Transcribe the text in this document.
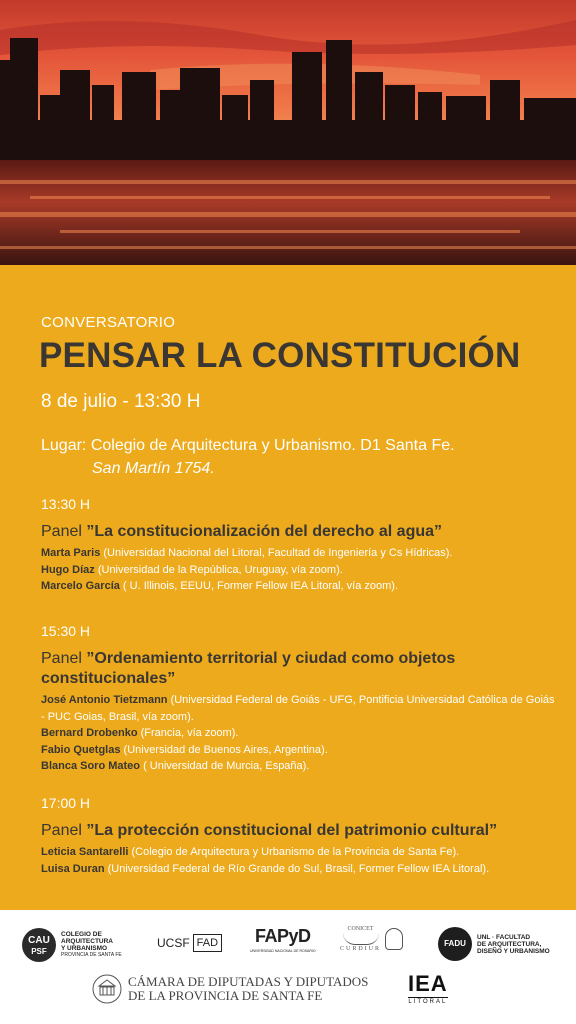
CONVERSATORIO
PENSAR LA CONSTITUCIÓN
8 de julio - 13:30 H
Lugar: Colegio de Arquitectura y Urbanismo. D1 Santa Fe.
San Martín 1754.
13:30 H
Panel ”La constitucionalización del derecho al agua”
Marta Paris (Universidad Nacional del Litoral, Facultad de Ingeniería y Cs Hídricas).
Hugo Díaz (Universidad de la República, Uruguay, vía zoom).
Marcelo García ( U. Illinois, EEUU, Former Fellow IEA Litoral, vía zoom).
15:30 H
Panel ”Ordenamiento territorial y ciudad como objetos constitucionales”
José Antonio Tietzmann (Universidad Federal de Goiás - UFG, Pontificia Universidad Católica de Goiás - PUC Goias, Brasil, vía zoom).
Bernard Drobenko (Francia, vía zoom).
Fabio Quetglas (Universidad de Buenos Aires, Argentina).
Blanca Soro Mateo ( Universidad de Murcia, España).
17:00 H
Panel ”La protección constitucional del patrimonio cultural”
Leticia Santarelli (Colegio de Arquitectura y Urbanismo de la Provincia de Santa Fe).
Luisa Duran (Universidad Federal de Río Grande do Sul, Brasil, Former Fellow IEA Litoral).
CAU
PSF
COLEGIO DE
ARQUITECTURA
Y URBANISMO
PROVINCIA DE SANTA FE
UCSF FAD FAPyD
UNIVERSIDAD NACIONAL DE ROSARIO
CONICET
CURDIUR
FADU
UNL · FACULTAD
DE ARQUITECTURA,
DISEÑO Y URBANISMO
CÁMARA DE DIPUTADAS Y DIPUTADOS
DE LA PROVINCIA DE SANTA FE	IEA
LITORAL
